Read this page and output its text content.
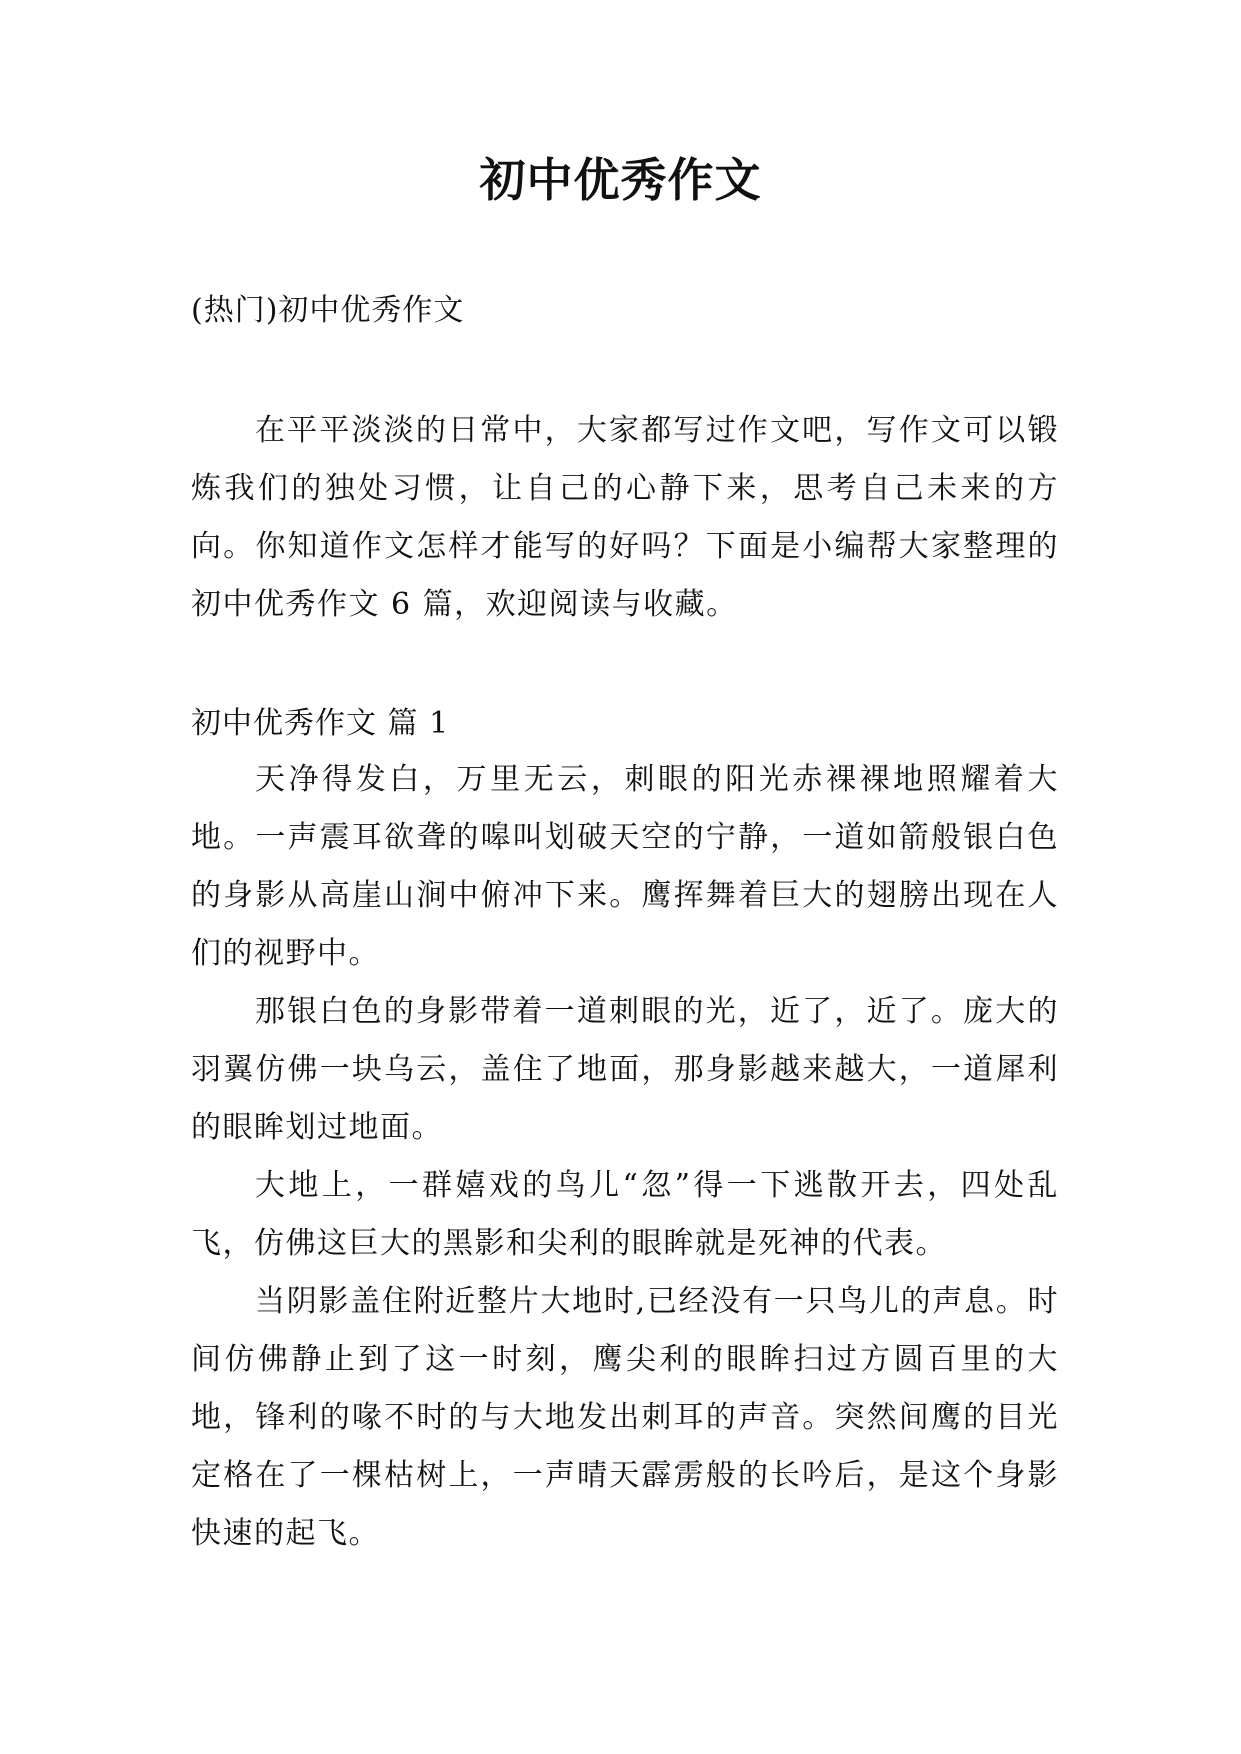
初中优秀作文
(热门)初中优秀作文

在平平淡淡的日常中，大家都写过作文吧，写作文可以锻炼我们的独处习惯，让自己的心静下来，思考自己未来的方向。你知道作文怎样才能写的好吗？下面是小编帮大家整理的初中优秀作文 6 篇，欢迎阅读与收藏。

初中优秀作文 篇 1

天净得发白，万里无云，刺眼的阳光赤裸裸地照耀着大地。一声震耳欲聋的嗥叫划破天空的宁静，一道如箭般银白色的身影从高崖山涧中俯冲下来。鹰挥舞着巨大的翅膀出现在人们的视野中。

那银白色的身影带着一道刺眼的光，近了，近了。庞大的羽翼仿佛一块乌云，盖住了地面，那身影越来越大，一道犀利的眼眸划过地面。

大地上，一群嬉戏的鸟儿“忽”得一下逃散开去，四处乱飞，仿佛这巨大的黑影和尖利的眼眸就是死神的代表。

当阴影盖住附近整片大地时,已经没有一只鸟儿的声息。时间仿佛静止到了这一时刻，鹰尖利的眼眸扫过方圆百里的大地，锋利的喙不时的与大地发出刺耳的声音。突然间鹰的目光定格在了一棵枯树上，一声晴天霹雳般的长吟后，是这个身影快速的起飞。
